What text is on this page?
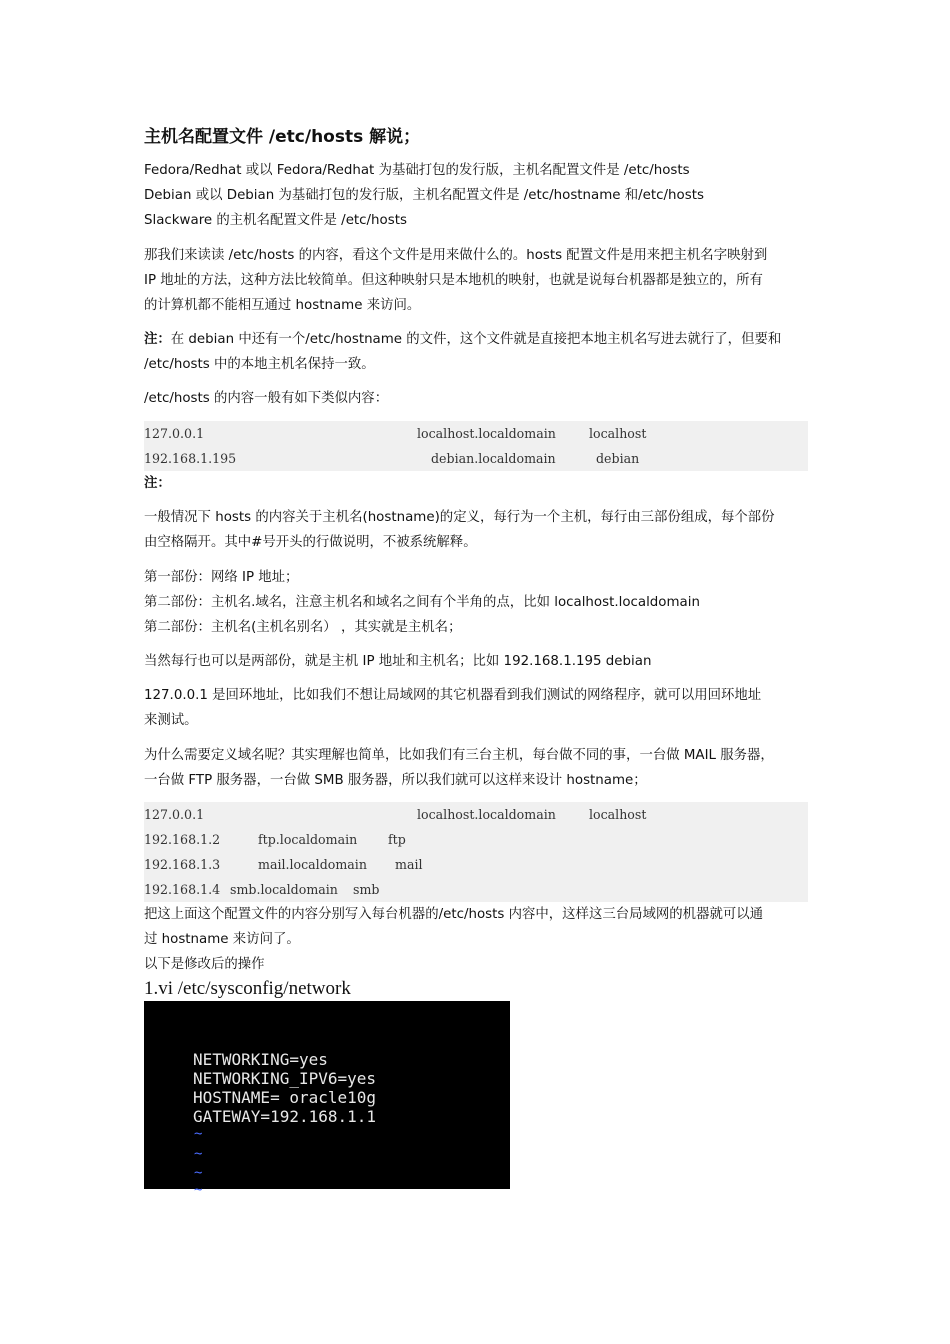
主机名配置文件 /etc/hosts 解说；
Fedora/Redhat 或以 Fedora/Redhat 为基础打包的发行版，主机名配置文件是 /etc/hosts
Debian 或以 Debian 为基础打包的发行版，主机名配置文件是 /etc/hostname 和/etc/hosts
Slackware 的主机名配置文件是 /etc/hosts
那我们来读读 /etc/hosts 的内容，看这个文件是用来做什么的。hosts 配置文件是用来把主机名字映射到
IP 地址的方法，这种方法比较简单。但这种映射只是本地机的映射，也就是说每台机器都是独立的，所有
的计算机都不能相互通过 hostname 来访问。
注：在 debian 中还有一个/etc/hostname 的文件，这个文件就是直接把本地主机名写进去就行了，但要和
/etc/hosts 中的本地主机名保持一致。
/etc/hosts 的内容一般有如下类似内容：
127.0.0.1	localhost.localdomain	localhost
192.168.1.195	debian.localdomain	debian
注：
一般情况下 hosts 的内容关于主机名(hostname)的定义，每行为一个主机，每行由三部份组成，每个部份
由空格隔开。其中#号开头的行做说明，不被系统解释。
第一部份：网络 IP 地址；
第二部份：主机名.域名，注意主机名和域名之间有个半角的点，比如 localhost.localdomain
第二部份：主机名(主机名别名） ，其实就是主机名；
当然每行也可以是两部份，就是主机 IP 地址和主机名；比如 192.168.1.195 debian
127.0.0.1 是回环地址，比如我们不想让局域网的其它机器看到我们测试的网络程序，就可以用回环地址
来测试。
为什么需要定义域名呢？其实理解也简单，比如我们有三台主机，每台做不同的事，一台做 MAIL 服务器，
一台做 FTP 服务器，一台做 SMB 服务器，所以我们就可以这样来设计 hostname；
127.0.0.1	localhost.localdomain	localhost
192.168.1.2	ftp.localdomain ftp
192.168.1.3	mail.localdomain mail
192.168.1.4 smb.localdomain smb
把这上面这个配置文件的内容分别写入每台机器的/etc/hosts 内容中，这样这三台局域网的机器就可以通
过 hostname 来访问了。
以下是修改后的操作
1.vi /etc/sysconfig/network
NETWORKING=yes
NETWORKING_IPV6=yes
HOSTNAME= oracle10g
GATEWAY=192.168.1.1
~
~
~
~
